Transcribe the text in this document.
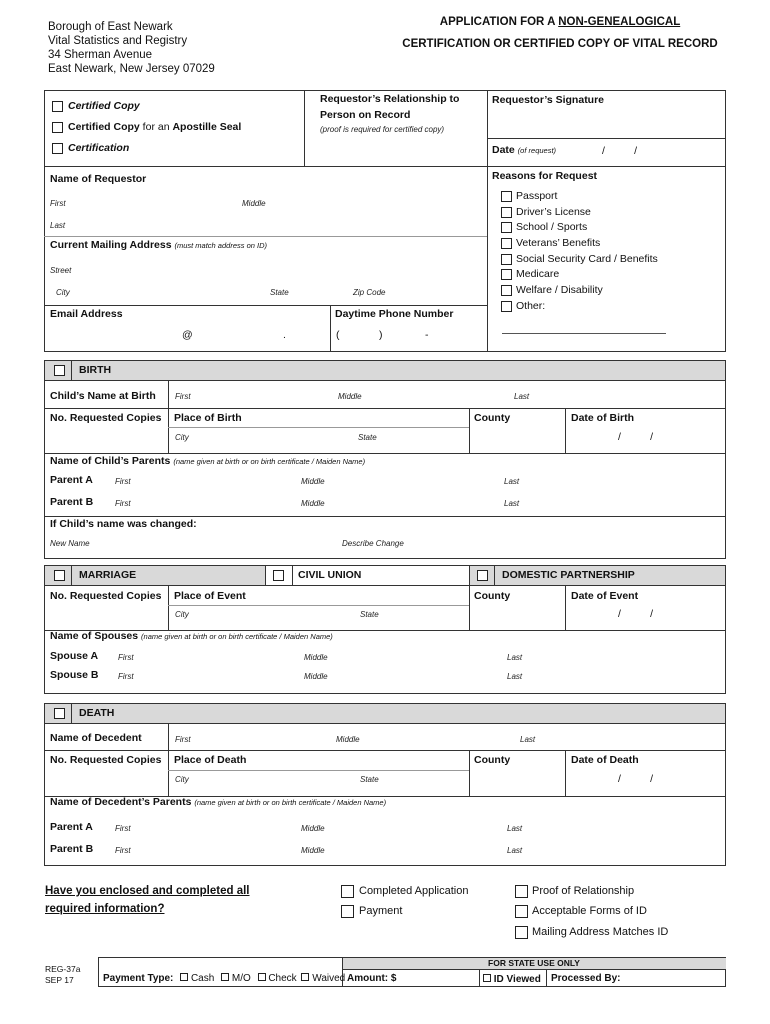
Borough of East Newark
Vital Statistics and Registry
34 Sherman Avenue
East Newark, New Jersey 07029
APPLICATION FOR A NON-GENEALOGICAL
CERTIFICATION OR CERTIFIED COPY OF VITAL RECORD
Certified Copy
Certified Copy for an Apostille Seal
Certification
Requestor’s Relationship to
Person on Record
(proof is required for certified copy)
Requestor’s Signature
Date (of request)	/          /
Name of Requestor
First	Middle
Last
Current Mailing Address (must match address on ID)
Street
City	State	Zip Code
Email Address
@	.
Daytime Phone Number
(	)	-
Reasons for Request
Passport
Driver’s License
School / Sports
Veterans’ Benefits
Social Security Card / Benefits
Medicare
Welfare / Disability
Other:
BIRTH
Child’s Name at Birth First	Middle	Last
No. Requested Copies Place of Birth	County	Date of Birth
City	State	/          /
Name of Child’s Parents (name given at birth or on birth certificate / Maiden Name)
Parent A	First	Middle	Last
Parent B	First	Middle	Last
If Child’s name was changed:
New Name	Describe Change
MARRIAGE	CIVIL UNION	DOMESTIC PARTNERSHIP
No. Requested Copies Place of Event	County	Date of Event
City	State	/          /
Name of Spouses (name given at birth or on birth certificate / Maiden Name)
Spouse A First	Middle	Last
Spouse B First	Middle	Last
DEATH
Name of Decedent	First	Middle	Last
No. Requested Copies Place of Death	County	Date of Death
City	State	/          /
Name of Decedent’s Parents (name given at birth or on birth certificate / Maiden Name)
Parent A	First	Middle	Last
Parent B	First	Middle	Last
Have you enclosed and completed all
required information?
Completed Application
Payment
Proof of Relationship
Acceptable Forms of ID
Mailing Address Matches ID
REG-37a
SEP 17
FOR STATE USE ONLY
Payment Type: Cash M/O Check Waived Amount: $	ID Viewed Processed By:
